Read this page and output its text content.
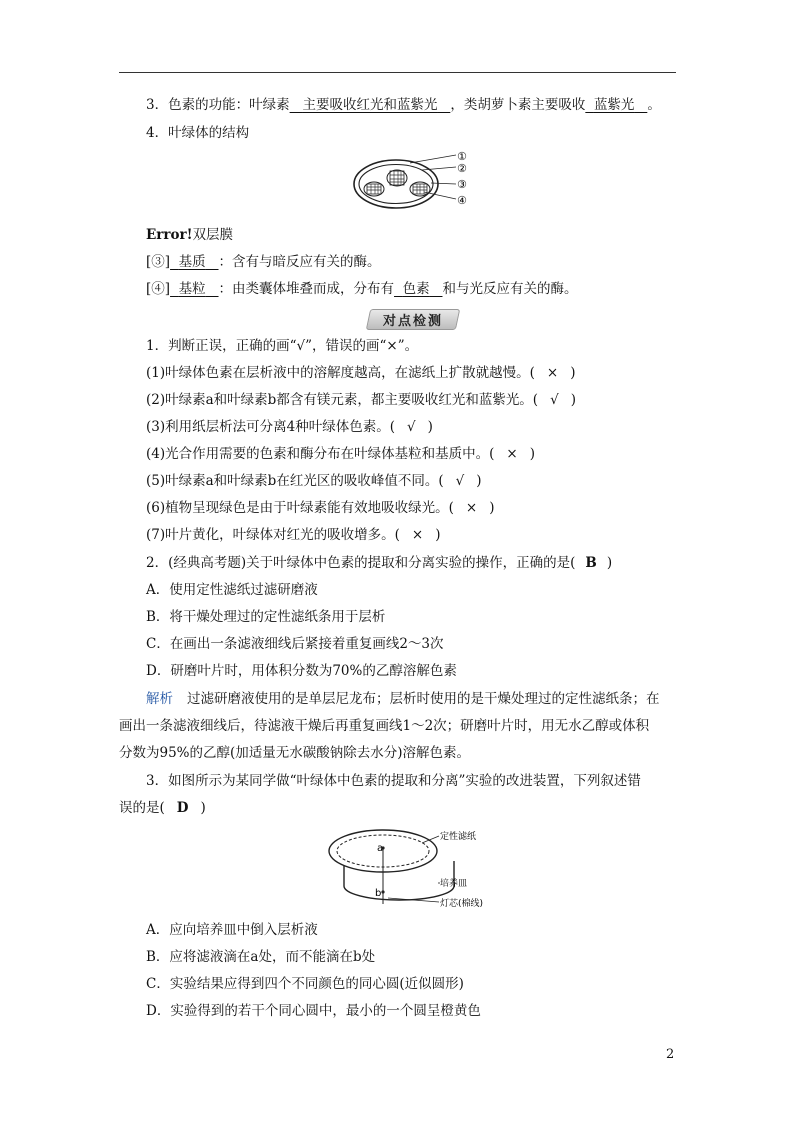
3．色素的功能：叶绿素 主要吸收红光和蓝紫光 ，类胡萝卜素主要吸收 蓝紫光 。
4．叶绿体的结构
①
②
③
④
Error!双层膜
[③] 基质 ：含有与暗反应有关的酶。
[④] 基粒 ：由类囊体堆叠而成，分布有 色素 和与光反应有关的酶。
对点检测
1．判断正误，正确的画“√”，错误的画“×”。
(1)叶绿体色素在层析液中的溶解度越高，在滤纸上扩散就越慢。( × )
(2)叶绿素a和叶绿素b都含有镁元素，都主要吸收红光和蓝紫光。( √ )
(3)利用纸层析法可分离4种叶绿体色素。( √ )
(4)光合作用需要的色素和酶分布在叶绿体基粒和基质中。( × )
(5)叶绿素a和叶绿素b在红光区的吸收峰值不同。( √ )
(6)植物呈现绿色是由于叶绿素能有效地吸收绿光。( × )
(7)叶片黄化，叶绿体对红光的吸收增多。( × )
2．(经典高考题)关于叶绿体中色素的提取和分离实验的操作，正确的是( B )
A．使用定性滤纸过滤研磨液
B．将干燥处理过的定性滤纸条用于层析
C．在画出一条滤液细线后紧接着重复画线2～3次
D．研磨叶片时，用体积分数为70%的乙醇溶解色素
解析 过滤研磨液使用的是单层尼龙布；层析时使用的是干燥处理过的定性滤纸条；在
画出一条滤液细线后，待滤液干燥后再重复画线1～2次；研磨叶片时，用无水乙醇或体积
分数为95%的乙醇(加适量无水碳酸钠除去水分)溶解色素。
3．如图所示为某同学做“叶绿体中色素的提取和分离”实验的改进装置，下列叙述错
误的是( D )
a
b
定性滤纸
培养皿
灯芯(棉线)
A．应向培养皿中倒入层析液
B．应将滤液滴在a处，而不能滴在b处
C．实验结果应得到四个不同颜色的同心圆(近似圆形)
D．实验得到的若干个同心圆中，最小的一个圆呈橙黄色
2
